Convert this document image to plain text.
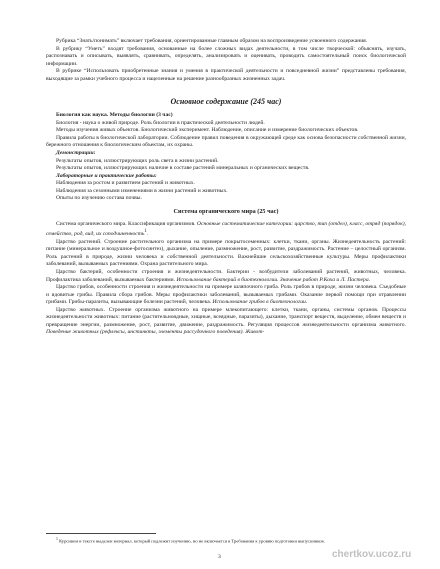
Рубрика “Знать/понимать” включает требования, ориентированные главным образом на воспроизведение усвоенного содержания.

В рубрику “Уметь” входят требования, основанные на более сложных видах деятельности, в том числе творческой: объяснять, изучать, распознавать и описывать, выявлять, сравнивать, определять, анализировать и оценивать, проводить самостоятельный поиск биологической информации.

В рубрике “Использовать приобретенные знания и умения в практической деятельности и повседневной жизни” представлены требования, выходящие за рамки учебного процесса и нацеленные на решение разнообразных жизненных задач.

Основное содержание (245 час)

Биология как наука. Методы биологии (3 час)

Биология - наука о живой природе. Роль биологии в практической деятельности людей.

Методы изучения живых объектов. Биологический эксперимент. Наблюдение, описание и измерение биологических объектов.

Правила работы в биологической лаборатории. Соблюдение правил поведения в окружающей среде как основа безопасности собственной жизни, бережного отношения к биологическим объектам, их охраны.

Демонстрации:

Результаты опытов, иллюстрирующих роль света в жизни растений.

Результаты опытов, иллюстрирующих наличие в составе растений минеральных и органических веществ.

Лабораторные и практические работы:

Наблюдения за ростом и развитием растений и животных.

Наблюдения за сезонными изменениями в жизни растений и животных.

Опыты по изучению состава почвы.

Система органического мира (25 час)

Система органического мира. Классификация организмов. Основные систематические категории: царство, тип (отдел), класс, отряд (порядок), семейство, род, вид, их соподчиненность$^1$.

Царство растений. Строение растительного организма на примере покрытосеменных: клетки, ткани, органы. Жизнедеятельность растений: питание (минеральное и воздушное-фотосинтез), дыхание, опыление, размножение, рост, развитие, раздражимость. Растение – целостный организм. Роль растений в природе, жизни человека и собственной деятельности. Важнейшие сельскохозяйственные культуры. Меры профилактики заболеваний, вызываемых растениями. Охрана растительного мира.

Царство бактерий, особенности строения и жизнедеятельности. Бактерии - возбудители заболеваний растений, животных, человека. Профилактика заболеваний, вызываемых бактериями. Использование бактерий в биотехнологии. Значение работ Р.Коха и Л. Пастера.

Царство грибов, особенности строения и жизнедеятельности на примере шляпочного гриба. Роль грибов в природе, жизни человека. Съедобные и ядовитые грибы. Правила сбора грибов. Меры профилактики заболеваний, вызываемых грибами. Оказание первой помощи при отравлении грибами. Грибы-паразиты, вызывающие болезни растений, человека. Использование грибов в биотехнологии.

Царство животных. Строение организма животного на примере млекопитающего: клетки, ткани, органы, системы органов. Процессы жизнедеятельности животных: питание (растительноядные, хищные, всеядные, паразиты), дыхание, транспорт веществ, выделение, обмен веществ и превращение энергии, размножение, рост, развитие, движение, раздражимость. Регуляция процессов жизнедеятельности организма животного. Поведение животных (рефлексы, инстинкты, элементы рассудочного поведения). Живот-

$^1$ Курсивом в тексте выделен материал, который подлежит изучению, но не включается в Требования к уровню подготовки выпускников.
3	chertkov.ucoz.ru
